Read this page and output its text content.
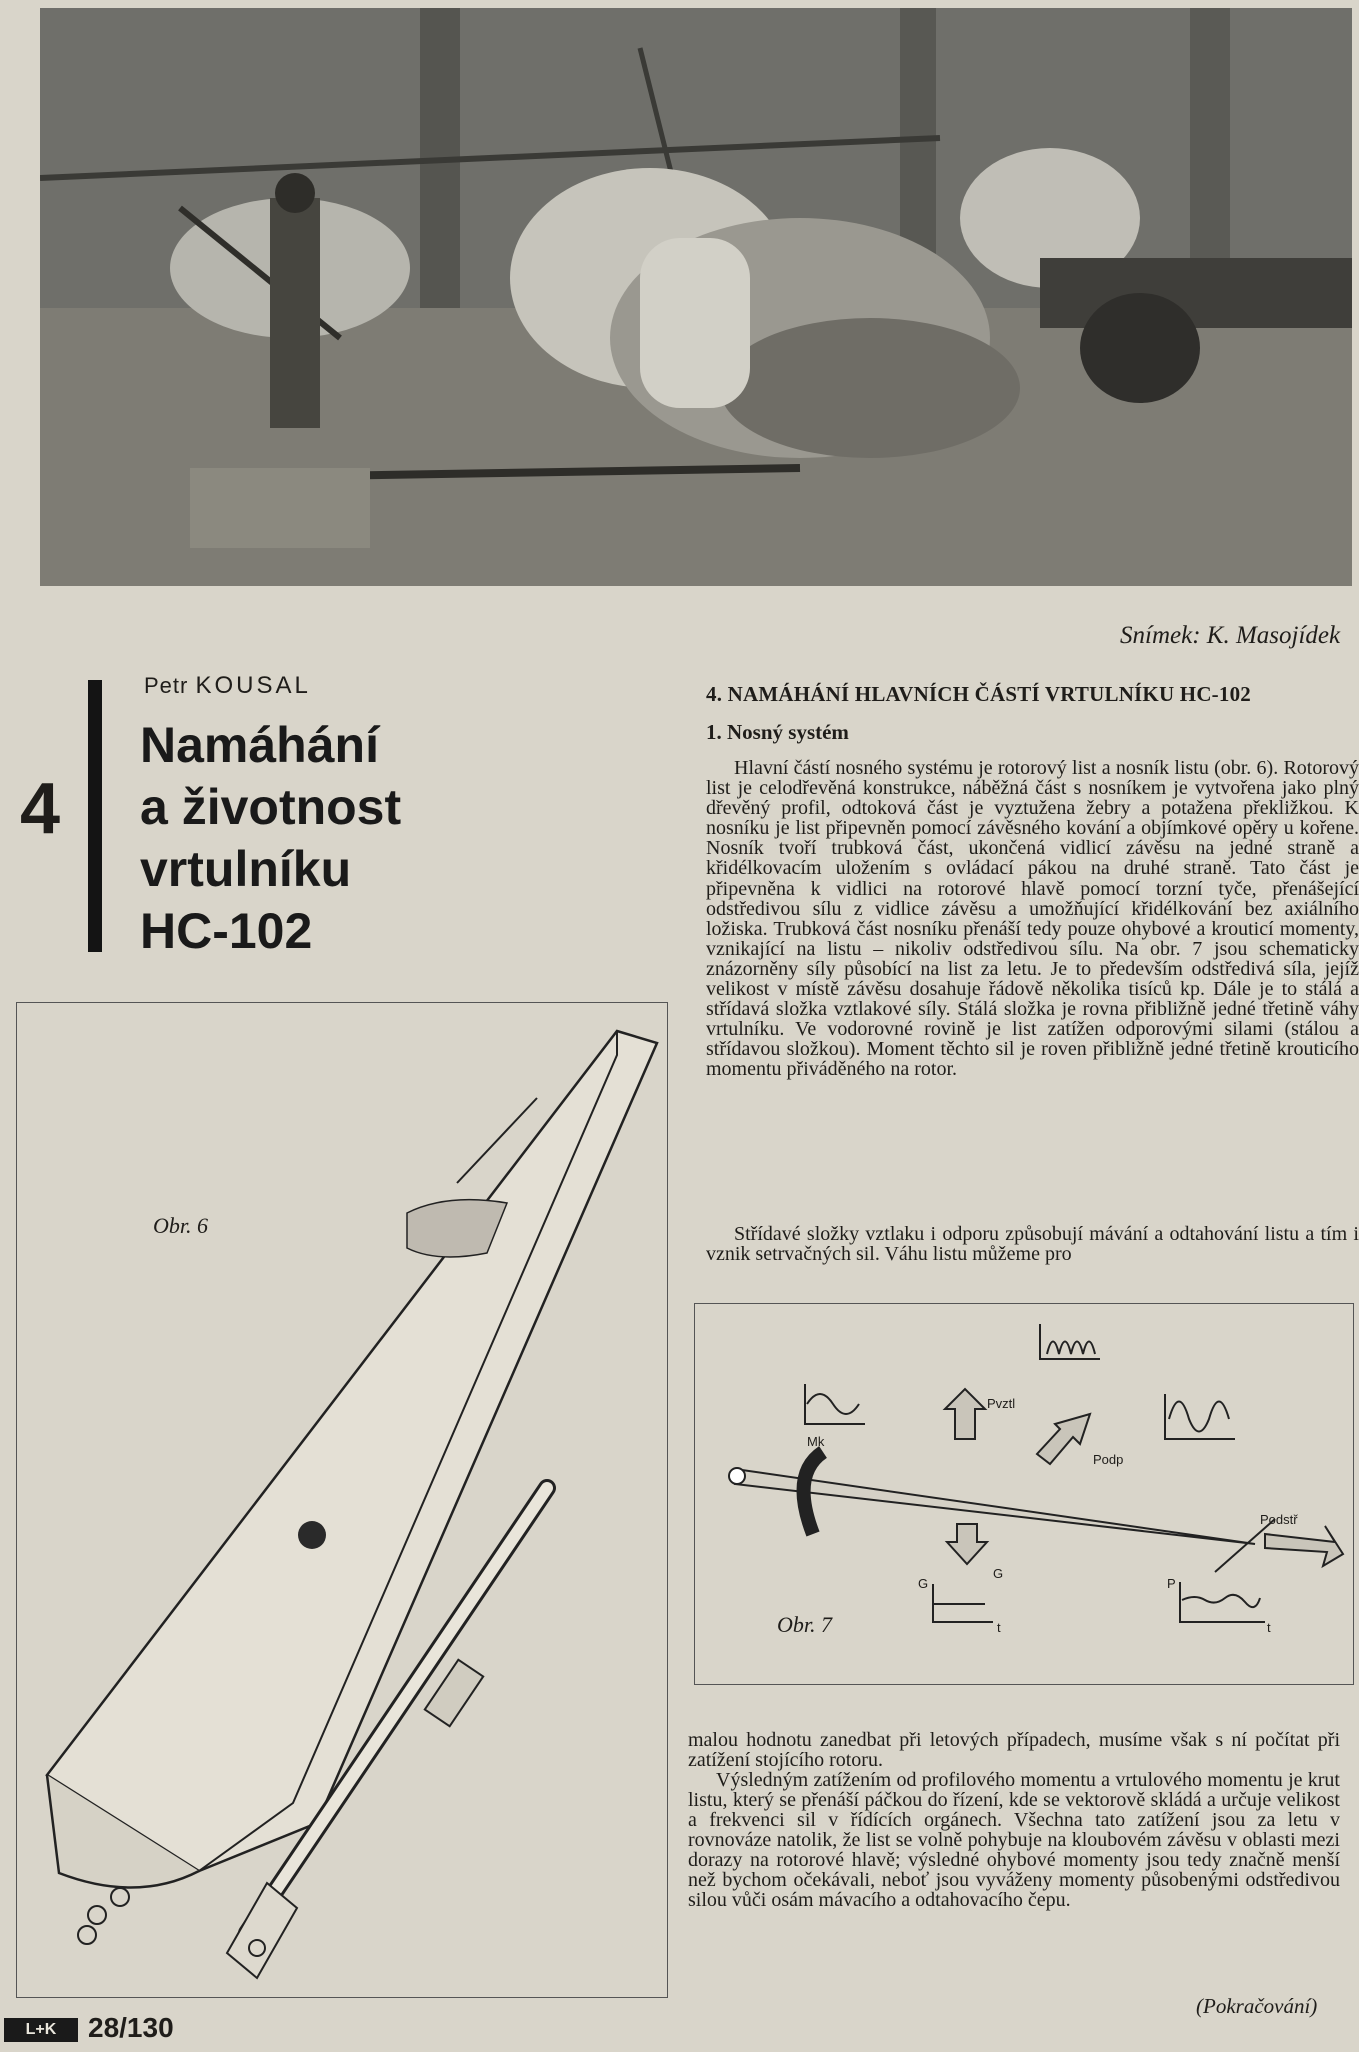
Snímek: K. Masojídek
4
Petr KOUSAL
Namáhání
a životnost
vrtulníku
HC-102
Obr. 6
4. NAMÁHÁNÍ HLAVNÍCH ČÁSTÍ VRTULNÍKU HC-102
1. Nosný systém

Hlavní částí nosného systému je rotorový list a nosník listu (obr. 6). Rotorový list je celodřevěná konstrukce, náběžná část s nosníkem je vytvořena jako plný dřevěný profil, odtoková část je vyztužena žebry a potažena překližkou. K nosníku je list připevněn pomocí závěsného kování a objímkové opěry u kořene. Nosník tvoří trubková část, ukončená vidlicí závěsu na jedné straně a křidélkovacím uložením s ovládací pákou na druhé straně. Tato část je připevněna k vidlici na rotorové hlavě pomocí torzní tyče, přenášející odstředivou sílu z vidlice závěsu a umožňující křidélkování bez axiálního ložiska. Trubková část nosníku přenáší tedy pouze ohybové a krouticí momenty, vznikající na listu – nikoliv odstředivou sílu. Na obr. 7 jsou schematicky znázorněny síly působící na list za letu. Je to především odstředivá síla, jejíž velikost v místě závěsu dosahuje řádově několika tisíců kp. Dále je to stálá a střídavá složka vztlakové síly. Stálá složka je rovna přibližně jedné třetině váhy vrtulníku. Ve vodorovné rovině je list zatížen odporovými silami (stálou a střídavou složkou). Moment těchto sil je roven přibližně jedné třetině krouticího momentu přiváděného na rotor.

Střídavé složky vztlaku i odporu způsobují mávání a odtahování listu a tím i vznik setrvačných sil. Váhu listu můžeme pro

Mk
Pvztl
Podp
Podstř
G
G	P
t	t
Obr. 7

malou hodnotu zanedbat při letových případech, musíme však s ní počítat při zatížení stojícího rotoru.

Výsledným zatížením od profilového momentu a vrtulového momentu je krut listu, který se přenáší páčkou do řízení, kde se vektorově skládá a určuje velikost a frekvenci sil v řídících orgánech. Všechna tato zatížení jsou za letu v rovnováze natolik, že list se volně pohybuje na kloubovém závěsu v oblasti mezi dorazy na rotorové hlavě; výsledné ohybové momenty jsou tedy značně menší než bychom očekávali, neboť jsou vyváženy momenty působenými odstředivou silou vůči osám mávacího a odtahovacího čepu.

(Pokračování)
L+K	28/130
